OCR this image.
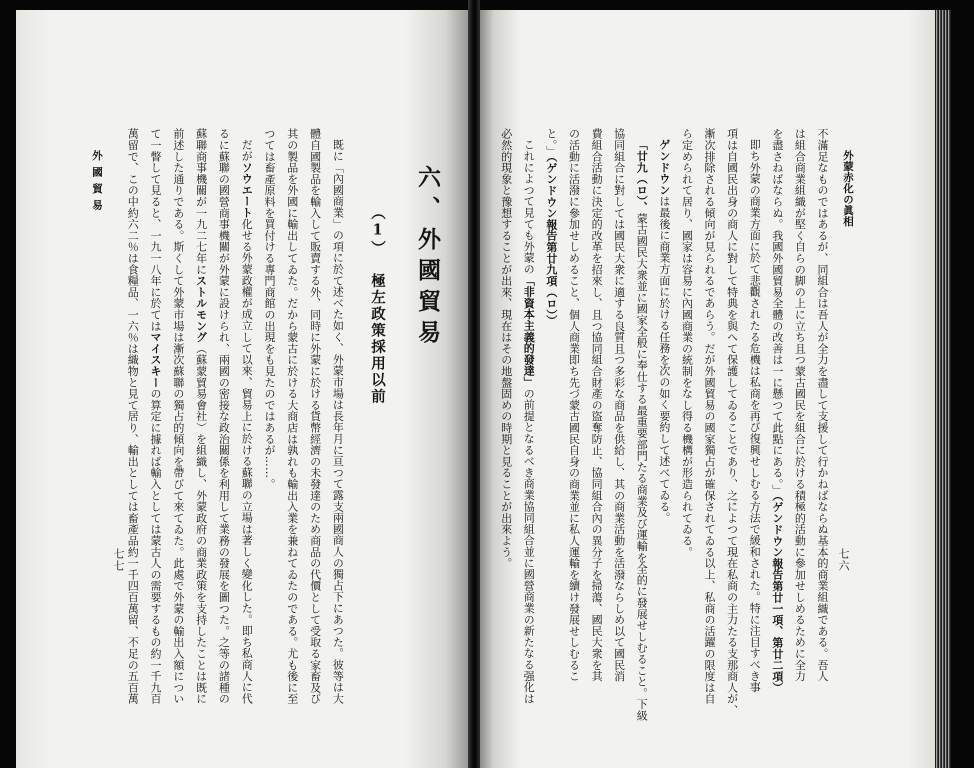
六、外國貿易
（1）極左政策採用以前
既に「內國商業」の項に於て述べた如く、外蒙市場は長年月に亘つて露支兩國商人の獨占下にあつた。彼等は大
體自國製品を輸入して販賣する外、同時に外蒙に於ける貨幣經濟の未發達のため商品の代價として受取る家畜及び
其の製品を外國に輸出してゐた。だから蒙古に於ける大商店は孰れも輸出入業を兼ねてゐたのである。尤も後に至
つては畜產原料を買付ける專門商館の出現をも見たのではあるが……。
だがソウエート化せる外蒙政權が成立して以來、貿易上に於ける蘇聯の立場は著しく變化した。即ち私商人に代
るに蘇聯の國營商事機關が外蒙に設けられ、兩國の密接な政治關係を利用して業務の發展を圖つた。之等の諸種の
蘇聯商事機關が一九二七年にストルモング（蘇蒙貿易會社）を組織し、外蒙政府の商業政策を支持したことは既に
前述した通りである。斯くして外蒙市場は漸次蘇聯の獨占的傾向を帶びて來てゐた。此處で外蒙の輸出入額につい
て一瞥して見ると、一九一八年に於てはマイスキーの算定に據れば輸入としては蒙古人の需要するもの約一千九百
萬留で、この中約六二％は食糧品、一六％は織物と見て居り、輸出としては畜產品約一千四百萬留、不足の五百萬
外國貿易
七七
外蒙赤化の眞相
不滿足なものではあるが、同組合は吾人が全力を盡して支援して行かねばならぬ基本的商業組織である。吾人
は組合商業組織が堅く自らの脚の上に立ち且つ蒙古國民を組合に於ける積極的活動に參加せしめるために全力
を盡さねばならぬ。我國外國貿易全體の改善は一に懸つて此點にある。」（ゲンドウン報告第廿一項、第廿二項）
即ち外蒙の商業方面に於て悲觀されたる危機は私商を再び復興せしむる方法で緩和された。特に注目すべき事
項は自國民出身の商人に對して特典を與へて保護してゐることであり、之によつて現在私商の主力たる支那商人が、
漸次排除される傾向が見られるであらう。だが外國貿易の國家獨占が確保されてゐる以上、私商の活躍の限度は自
ら定められて居り、國家は容易に內國商業の統制をなし得る機構が形造られてゐる。
ゲンドウンは最後に商業方面に於ける任務を次の如く要約して述べてゐる。
「廿九（ロ）、蒙古國民大衆並に國家全般に奉仕する最重要部門たる商業及び運輸を全的に發展せしむること。下級
協同組合に對しては國民大衆に適する良質且つ多彩な商品を供給し、其の商業活動を活潑ならしめ以て國民消
費組合活動に決定的改革を招來し、且つ協同組合財產の盜奪防止、協同組合內の異分子を掃蕩、國民大衆を其
の活動に活潑に參加せしめること、個人商業即ち先づ蒙古國民自身の商業並に私人運輸を續け發展せしむるこ
と。」（ゲンドウン報告第廿九項（ロ））
これによつて見ても外蒙の「非資本主義的發達」の前提となるべき商業協同組合並に國營商業の新たなる强化は
必然的現象と豫想することが出來、現在はその地盤固めの時期と見ることが出來よう。	七六
